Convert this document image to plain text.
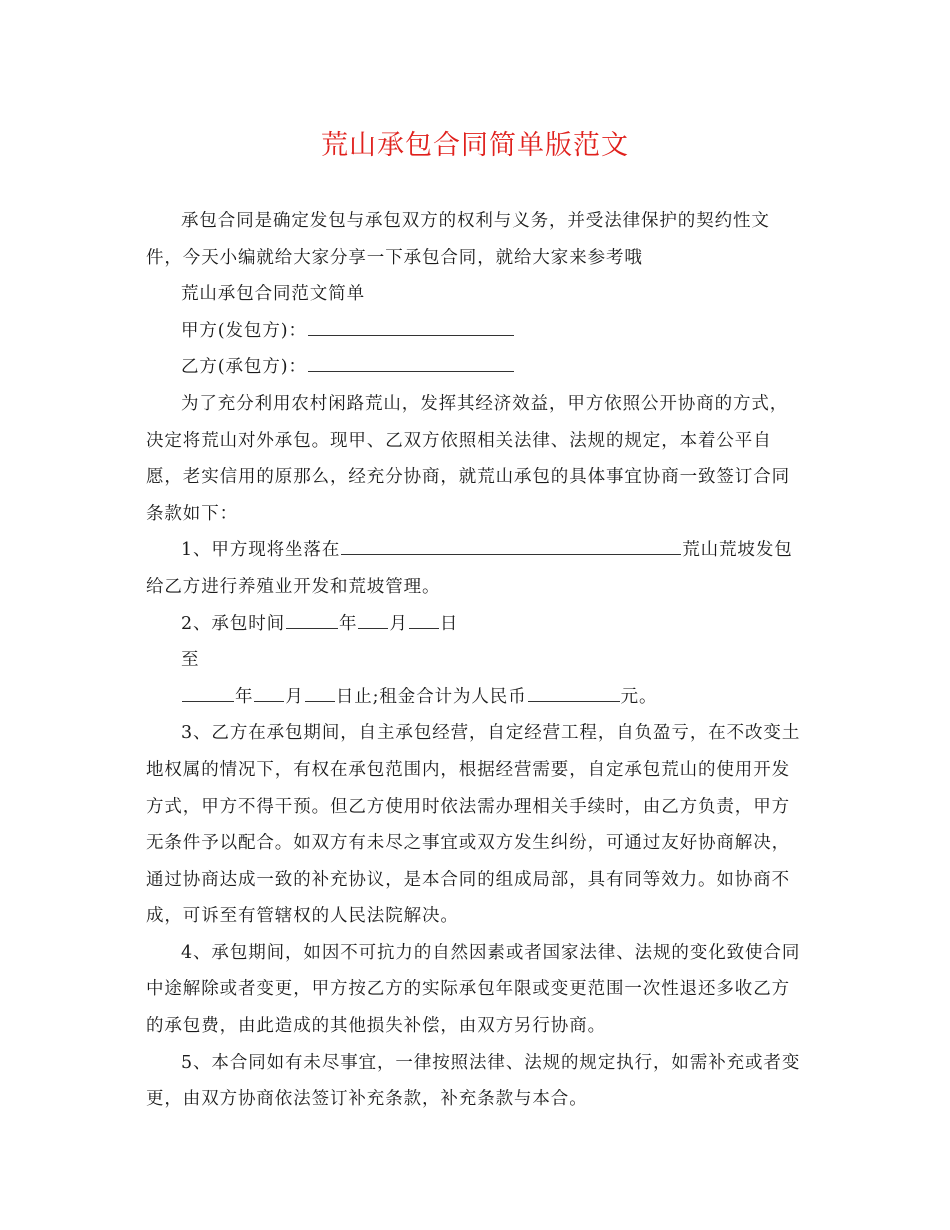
荒山承包合同简单版范文

承包合同是确定发包与承包双方的权利与义务，并受法律保护的契约性文件，今天小编就给大家分享一下承包合同，就给大家来参考哦

荒山承包合同范文简单

甲方(发包方)：

乙方(承包方)：

为了充分利用农村闲路荒山，发挥其经济效益，甲方依照公开协商的方式，决定将荒山对外承包。现甲、乙双方依照相关法律、法规的规定，本着公平自愿，老实信用的原那么，经充分协商，就荒山承包的具体事宜协商一致签订合同条款如下：

1、甲方现将坐落在	荒山荒坡发包给乙方进行养殖业开发和荒坡管理。

2、承包时间	年 月 日

至

年 月 日止;租金合计为人民币	元。

3、乙方在承包期间，自主承包经营，自定经营工程，自负盈亏，在不改变土地权属的情况下，有权在承包范围内，根据经营需要，自定承包荒山的使用开发方式，甲方不得干预。但乙方使用时依法需办理相关手续时，由乙方负责，甲方无条件予以配合。如双方有未尽之事宜或双方发生纠纷，可通过友好协商解决，通过协商达成一致的补充协议，是本合同的组成局部，具有同等效力。如协商不成，可诉至有管辖权的人民法院解决。

4、承包期间，如因不可抗力的自然因素或者国家法律、法规的变化致使合同中途解除或者变更，甲方按乙方的实际承包年限或变更范围一次性退还多收乙方的承包费，由此造成的其他损失补偿，由双方另行协商。

5、本合同如有未尽事宜，一律按照法律、法规的规定执行，如需补充或者变更，由双方协商依法签订补充条款，补充条款与本合。
